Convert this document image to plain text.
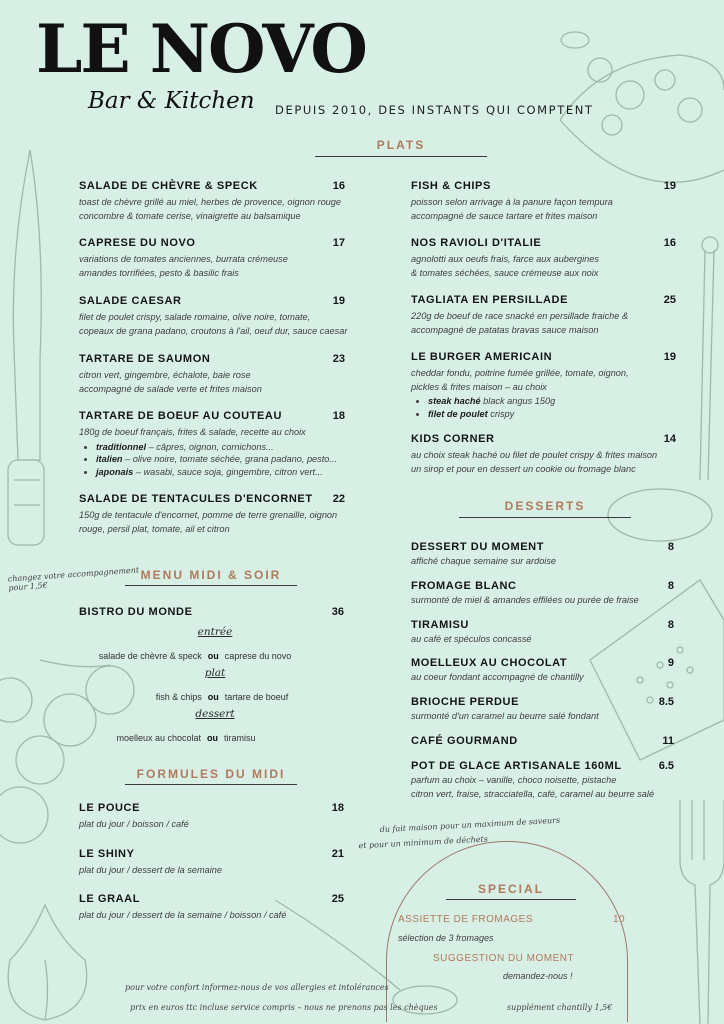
LE NOVO
Bar & Kitchen DEPUIS 2010, DES INSTANTS QUI COMPTENT
PLATS
SALADE DE CHÈVRE & SPECK	16
toast de chèvre grillé au miel, herbes de provence, oignon rouge
concombre & tomate cerise, vinaigrette au balsamique
CAPRESE DU NOVO	17
variations de tomates anciennes, burrata crémeuse
amandes torrifiées, pesto & basilic frais
SALADE CAESAR	19
filet de poulet crispy, salade romaine, olive noire, tomate,
copeaux de grana padano, croutons à l'ail, oeuf dur, sauce caesar
TARTARE DE SAUMON	23
citron vert, gingembre, échalote, baie rose
accompagné de salade verte et frites maison
TARTARE DE BOEUF AU COUTEAU	18
180g de boeuf français, frites & salade, recette au choix
• traditionnel – câpres, oignon, cornichons...
• italien – olive noire, tomate séchée, grana padano, pesto...
• japonais – wasabi, sauce soja, gingembre, citron vert...
SALADE DE TENTACULES D'ENCORNET	22
150g de tentacule d'encornet, pomme de terre grenaille, oignon
rouge, persil plat, tomate, ail et citron
changez votre accompagnement
pour 1,5€
FISH & CHIPS	19
poisson selon arrivage à la panure façon tempura
accompagné de sauce tartare et frites maison
NOS RAVIOLI D'ITALIE	16
agnolotti aux oeufs frais, farce aux aubergines
& tomates séchées, sauce crémeuse aux noix
TAGLIATA EN PERSILLADE	25
220g de boeuf de race snacké en persillade fraiche &
accompagné de patatas bravas sauce maison
LE BURGER AMERICAIN	19
cheddar fondu, poitrine fumée grillée, tomate, oignon,
pickles & frites maison – au choix
• steak haché black angus 150g
• filet de poulet crispy
KIDS CORNER	14
au choix steak haché ou filet de poulet crispy & frites maison
un sirop et pour en dessert un cookie ou fromage blanc
DESSERTS
DESSERT DU MOMENT	8
affiché chaque semaine sur ardoise
FROMAGE BLANC	8
surmonté de miel & amandes effilées ou purée de fraise
TIRAMISU	8
au café et spéculos concassé
MOELLEUX AU CHOCOLAT	9
au coeur fondant accompagné de chantilly
BRIOCHE PERDUE	8.5
surmonté d'un caramel au beurre salé fondant
CAFÉ GOURMAND	11
POT DE GLACE ARTISANALE 160ML	6.5
parfum au choix – vanille, choco noisette, pistache
citron vert, fraise, stracciatella, café, caramel au beurre salé
MENU MIDI & SOIR
BISTRO DU MONDE	36
entrée
salade de chèvre & speck ou caprese du novo
plat
fish & chips ou tartare de boeuf
dessert
moelleux au chocolat ou tiramisu
FORMULES DU MIDI
LE POUCE	18
plat du jour / boisson / café
LE SHINY	21
plat du jour / dessert de la semaine
LE GRAAL	25
plat du jour / dessert de la semaine / boisson / café
du fait maison pour un maximum de saveurs
et pour un minimum de déchets
SPECIAL
ASSIETTE DE FROMAGES	10
sélection de 3 fromages
SUGGESTION DU MOMENT
demandez-nous !
pour votre confort informez-nous de vos allergies et intolérances
prix en euros ttc incluse service compris – nous ne prenons pas les chèques	supplément chantilly 1,5€
